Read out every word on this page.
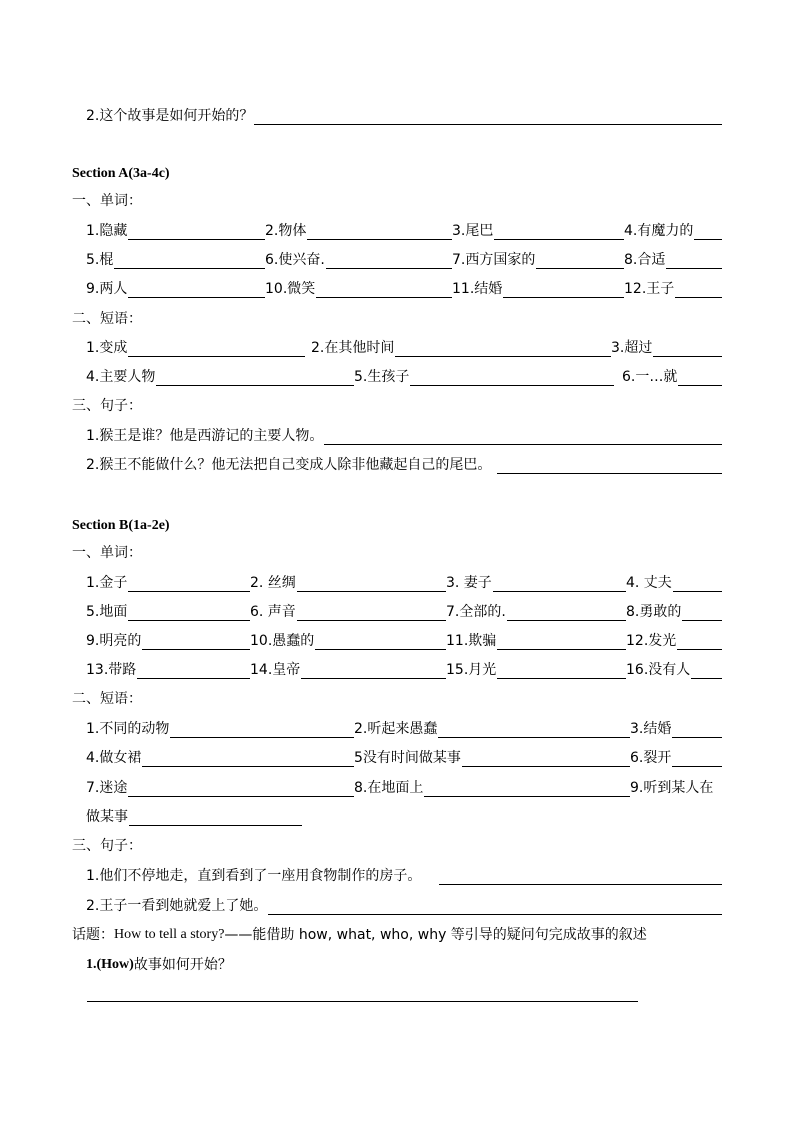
2.这个故事是如何开始的？
Section A(3a-4c)
一、单词：
1.隐藏	2.物体	3.尾巴	4.有魔力的
5.棍	6.使兴奋.	7.西方国家的	8.合适
9.两人	10.微笑	11.结婚	12.王子
二、短语：
1.变成	2.在其他时间	3.超过
4.主要人物	5.生孩子	6.一…就
三、句子：
1.猴王是谁？他是西游记的主要人物。
2.猴王不能做什么？他无法把自己变成人除非他藏起自己的尾巴。
Section B(1a-2e)
一、单词：
1.金子	2. 丝绸	3. 妻子	4. 丈夫
5.地面	6. 声音	7.全部的.	8.勇敢的
9.明亮的	10.愚蠢的	11.欺骗	12.发光
13.带路	14.皇帝	15.月光	16.没有人
二、短语：
1.不同的动物	2.听起来愚蠢	3.结婚
4.做女裙	5没有时间做某事	6.裂开
7.迷途	8.在地面上	9.听到某人在
做某事
三、句子：
1.他们不停地走，直到看到了一座用食物制作的房子。
2.王子一看到她就爱上了她。
话题： How to tell a story? ——能借助 how, what, who, why 等引导的疑问句完成故事的叙述
1.(How) 故事如何开始？
